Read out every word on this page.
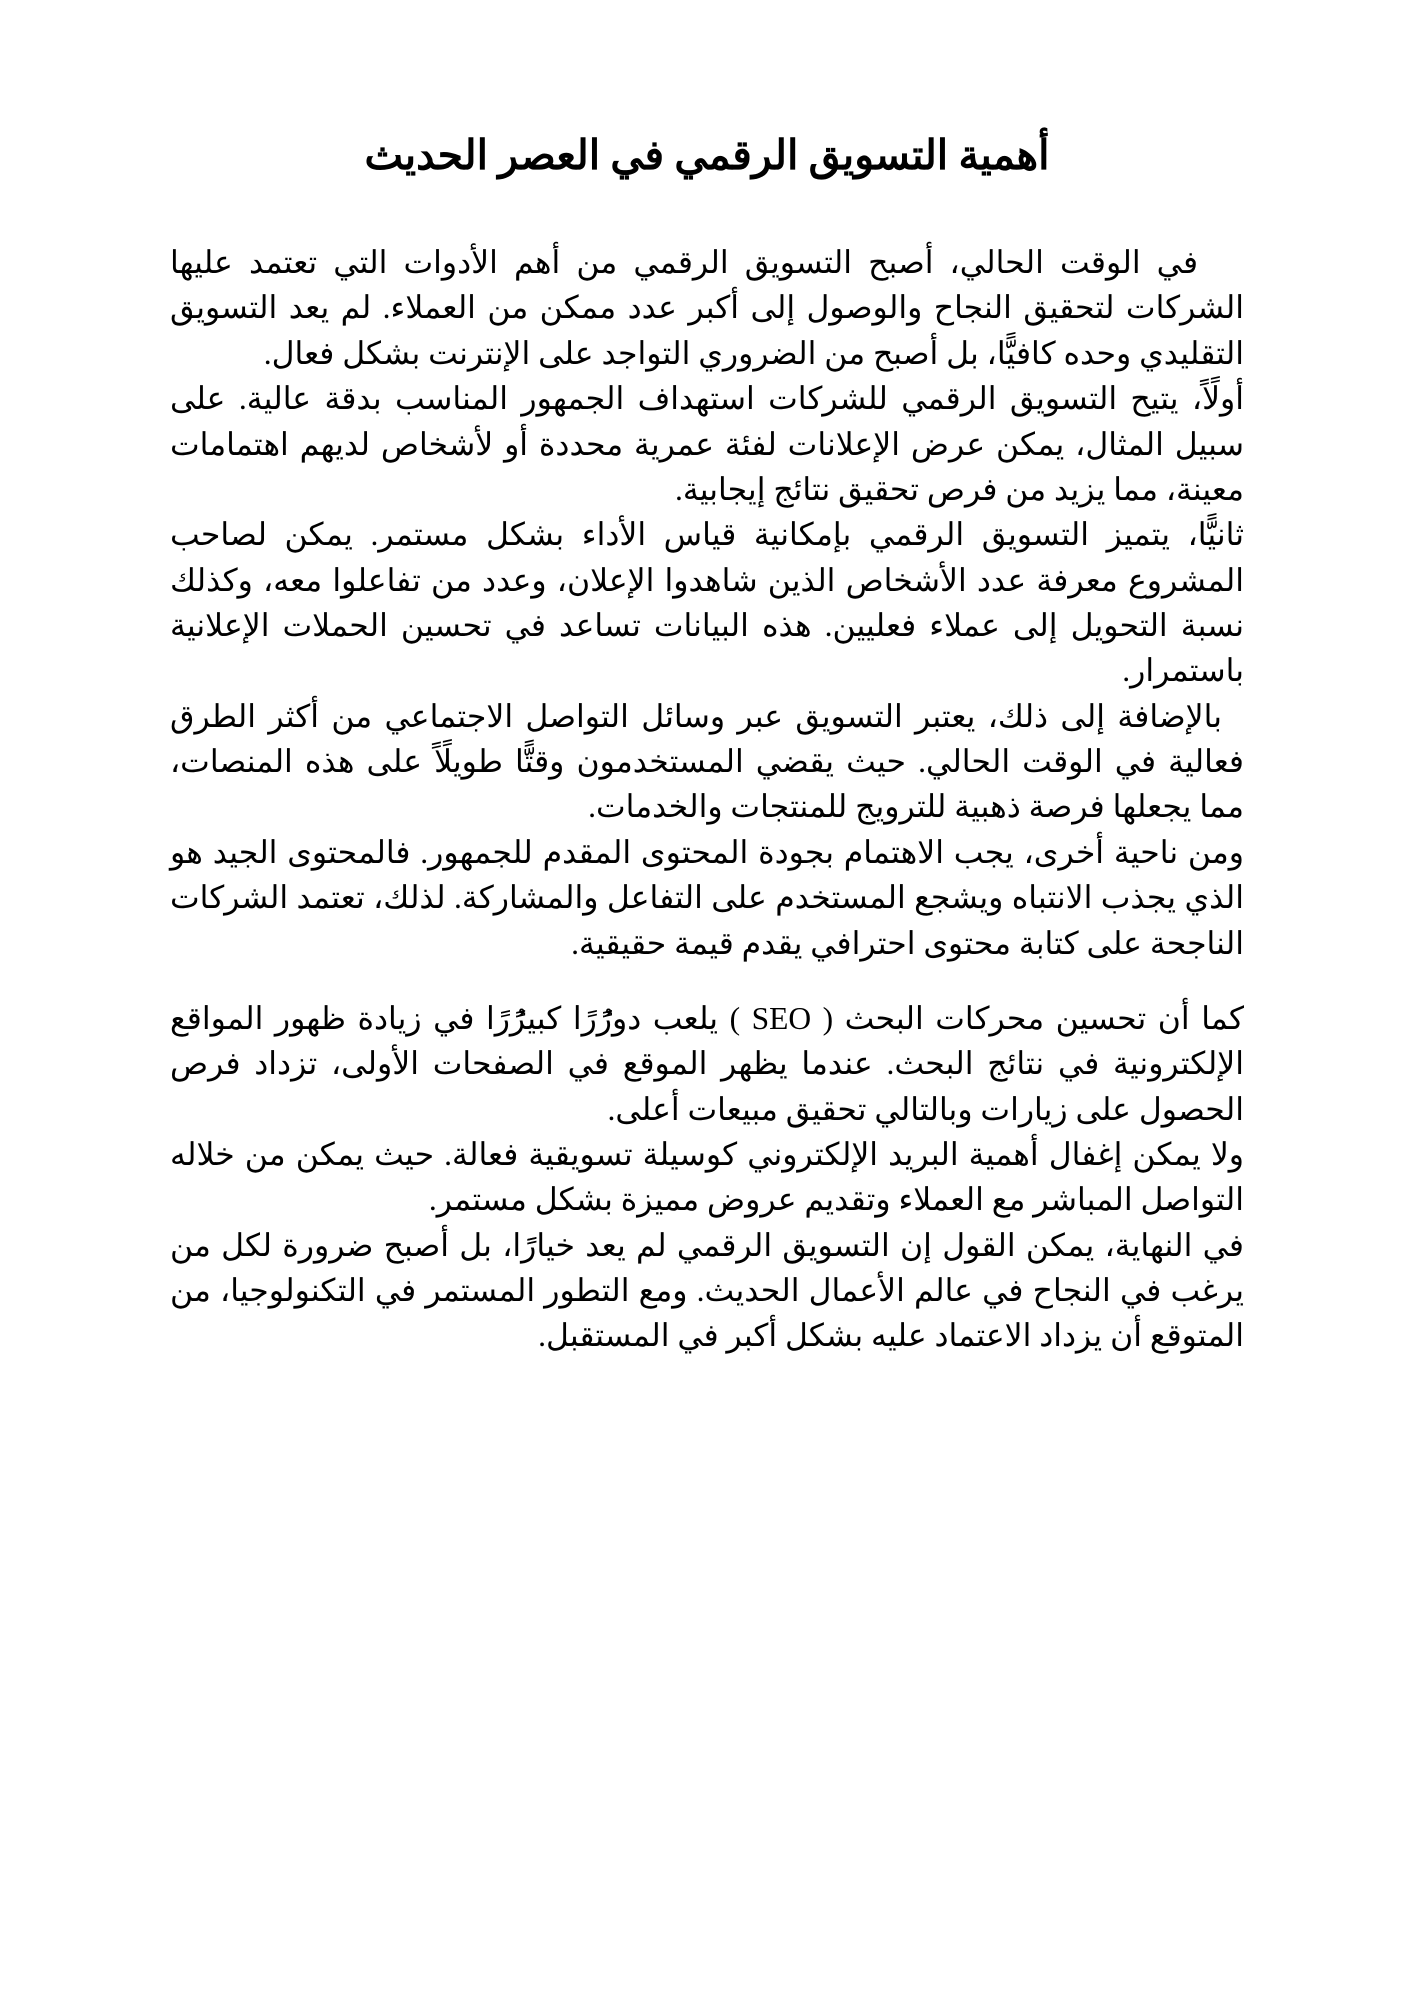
أهمية التسويق الرقمي في العصر الحديث

في الوقت الحالي، أصبح التسويق الرقمي من أهم الأدوات التي تعتمد عليها الشركات لتحقيق النجاح والوصول إلى أكبر عدد ممكن من العملاء. لم يعد التسويق التقليدي وحده كافيًّا، بل أصبح من الضروري التواجد على الإنترنت بشكل فعال.

أولًاً، يتيح التسويق الرقمي للشركات استهداف الجمهور المناسب بدقة عالية. على سبيل المثال، يمكن عرض الإعلانات لفئة عمرية محددة أو لأشخاص لديهم اهتمامات معينة، مما يزيد من فرص تحقيق نتائج إيجابية.

ثانيًّا، يتميز التسويق الرقمي بإمكانية قياس الأداء بشكل مستمر. يمكن لصاحب المشروع معرفة عدد الأشخاص الذين شاهدوا الإعلان، وعدد من تفاعلوا معه، وكذلك نسبة التحويل إلى عملاء فعليين. هذه البيانات تساعد في تحسين الحملات الإعلانية باستمرار.

بالإضافة إلى ذلك، يعتبر التسويق عبر وسائل التواصل الاجتماعي من أكثر الطرق فعالية في الوقت الحالي. حيث يقضي المستخدمون وقتًّا طويلًاً على هذه المنصات، مما يجعلها فرصة ذهبية للترويج للمنتجات والخدمات.

ومن ناحية أخرى، يجب الاهتمام بجودة المحتوى المقدم للجمهور. فالمحتوى الجيد هو الذي يجذب الانتباه ويشجع المستخدم على التفاعل والمشاركة. لذلك، تعتمد الشركات الناجحة على كتابة محتوى احترافي يقدم قيمة حقيقية.

كما أن تحسين محركات البحث ( SEO ) يلعب دورًُرًا كبيرًُرًا في زيادة ظهور المواقع الإلكترونية في نتائج البحث. عندما يظهر الموقع في الصفحات الأولى، تزداد فرص الحصول على زيارات وبالتالي تحقيق مبيعات أعلى.

ولا يمكن إغفال أهمية البريد الإلكتروني كوسيلة تسويقية فعالة. حيث يمكن من خلاله التواصل المباشر مع العملاء وتقديم عروض مميزة بشكل مستمر.

في النهاية، يمكن القول إن التسويق الرقمي لم يعد خيارًًا، بل أصبح ضرورة لكل من يرغب في النجاح في عالم الأعمال الحديث. ومع التطور المستمر في التكنولوجيا، من المتوقع أن يزداد الاعتماد عليه بشكل أكبر في المستقبل.
